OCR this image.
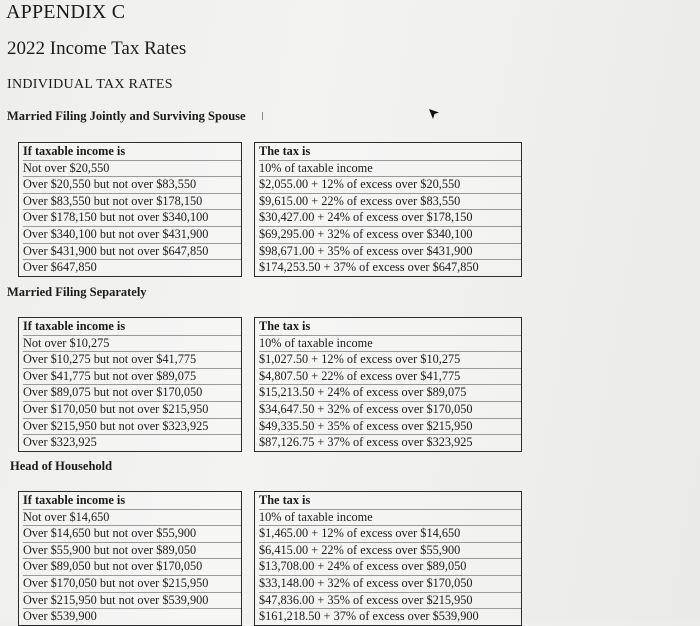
APPENDIX C
2022 Income Tax Rates
INDIVIDUAL TAX RATES
Married Filing Jointly and Surviving Spouse
If taxable income is
Not over $20,550
Over $20,550 but not over $83,550
Over $83,550 but not over $178,150
Over $178,150 but not over $340,100
Over $340,100 but not over $431,900
Over $431,900 but not over $647,850
Over $647,850
The tax is
10% of taxable income
$2,055.00 + 12% of excess over $20,550
$9,615.00 + 22% of excess over $83,550
$30,427.00 + 24% of excess over $178,150
$69,295.00 + 32% of excess over $340,100
$98,671.00 + 35% of excess over $431,900
$174,253.50 + 37% of excess over $647,850
Married Filing Separately
If taxable income is
Not over $10,275
Over $10,275 but not over $41,775
Over $41,775 but not over $89,075
Over $89,075 but not over $170,050
Over $170,050 but not over $215,950
Over $215,950 but not over $323,925
Over $323,925
The tax is
10% of taxable income
$1,027.50 + 12% of excess over $10,275
$4,807.50 + 22% of excess over $41,775
$15,213.50 + 24% of excess over $89,075
$34,647.50 + 32% of excess over $170,050
$49,335.50 + 35% of excess over $215,950
$87,126.75 + 37% of excess over $323,925
Head of Household
If taxable income is
Not over $14,650
Over $14,650 but not over $55,900
Over $55,900 but not over $89,050
Over $89,050 but not over $170,050
Over $170,050 but not over $215,950
Over $215,950 but not over $539,900
Over $539,900
The tax is
10% of taxable income
$1,465.00 + 12% of excess over $14,650
$6,415.00 + 22% of excess over $55,900
$13,708.00 + 24% of excess over $89,050
$33,148.00 + 32% of excess over $170,050
$47,836.00 + 35% of excess over $215,950
$161,218.50 + 37% of excess over $539,900
